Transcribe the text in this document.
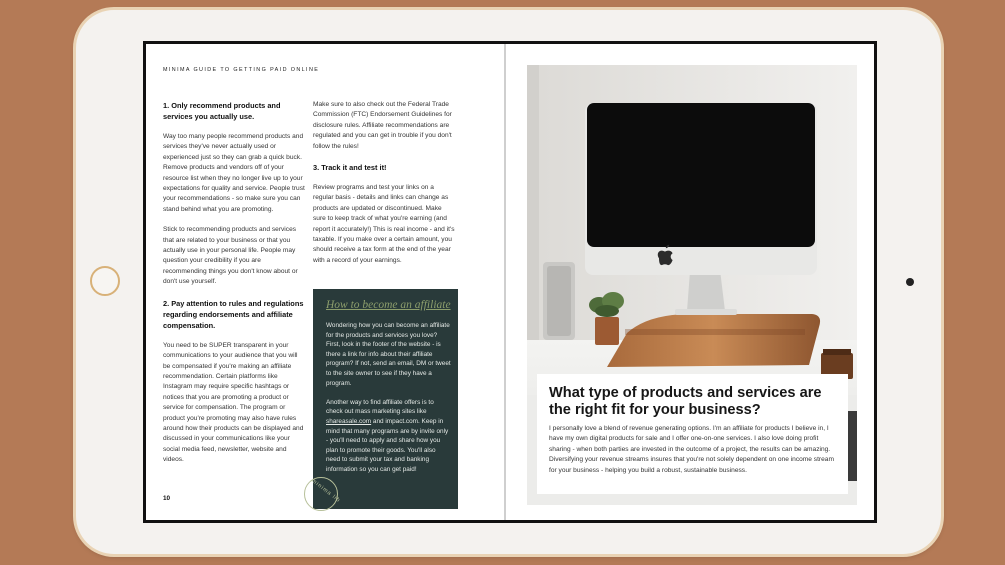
MINIMA GUIDE TO GETTING PAID ONLINE
1. Only recommend products and services you actually use.

Way too many people recommend products and services they've never actually used or experienced just so they can grab a quick buck. Remove products and vendors off of your resource list when they no longer live up to your expectations for quality and service. People trust your recommendations - so make sure you can stand behind what you are promoting.

Stick to recommending products and services that are related to your business or that you actually use in your personal life. People may question your credibility if you are recommending things you don't know about or don't use yourself.

2. Pay attention to rules and regulations regarding endorsements and affiliate compensation.

You need to be SUPER transparent in your communications to your audience that you will be compensated if you're making an affiliate recommendation. Certain platforms like Instagram may require specific hashtags or notices that you are promoting a product or service for compensation. The program or product you're promoting may also have rules around how their products can be displayed and discussed in your communications like your social media feed, newsletter, website and videos.

Make sure to also check out the Federal Trade Commission (FTC) Endorsement Guidelines for disclosure rules. Affiliate recommendations are regulated and you can get in trouble if you don't follow the rules!

3. Track it and test it!

Review programs and test your links on a regular basis - details and links can change as products are updated or discontinued. Make sure to keep track of what you're earning (and report it accurately!) This is real income - and it's taxable. If you make over a certain amount, you should receive a tax form at the end of the year with a record of your earnings.

How to become an affiliate

Wondering how you can become an affiliate for the products and services you love? First, look in the footer of the website - is there a link for info about their affiliate program? If not, send an email, DM or tweet to the site owner to see if they have a program.

Another way to find affiliate offers is to check out mass marketing sites like shareasale.com and impact.com. Keep in mind that many programs are by invite only - you'll need to apply and share how you plan to promote their goods. You'll also need to submit your tax and banking information so you can get paid!

10	minima lib
What type of products and services are the right fit for your business?
I personally love a blend of revenue generating options. I'm an affiliate for products I believe in, I have my own digital products for sale and I offer one-on-one services. I also love doing profit sharing - when both parties are invested in the outcome of a project, the results can be amazing. Diversifying your revenue streams insures that you're not solely dependent on one income stream for your business - helping you build a robust, sustainable business.
